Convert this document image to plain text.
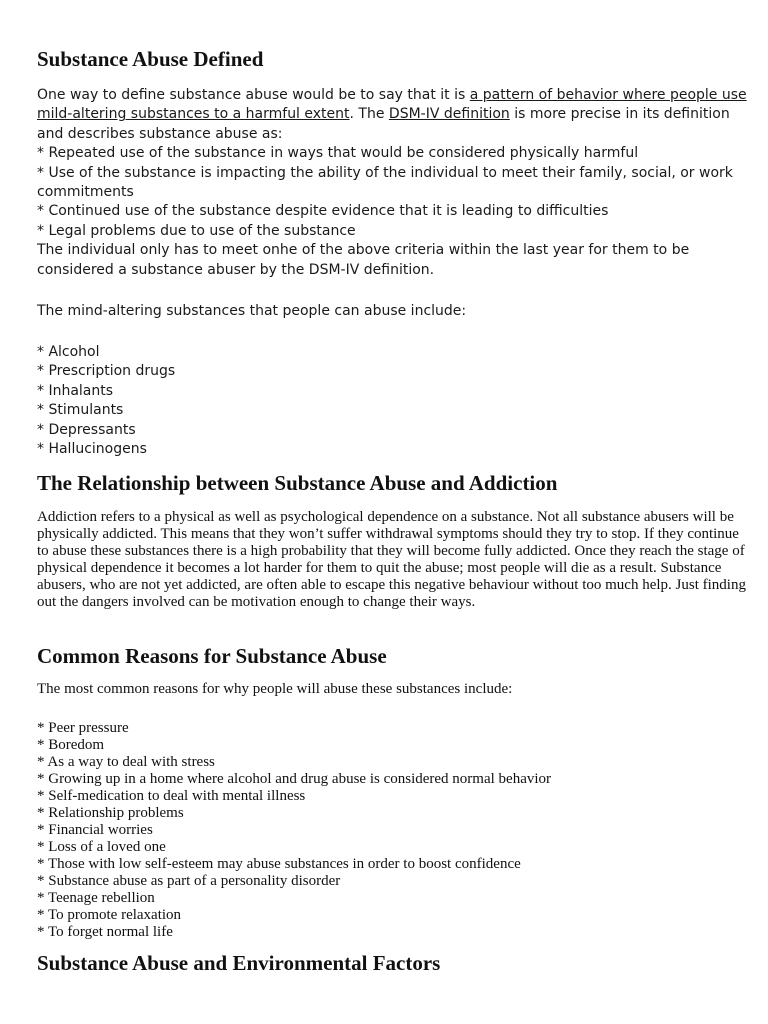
Substance Abuse Defined

One way to define substance abuse would be to say that it is a pattern of behavior where people use mild-altering substances to a harmful extent. The DSM-IV definition is more precise in its definition and describes substance abuse as:

* Repeated use of the substance in ways that would be considered physically harmful
* Use of the substance is impacting the ability of the individual to meet their family, social, or work commitments
* Continued use of the substance despite evidence that it is leading to difficulties
* Legal problems due to use of the substance

The individual only has to meet onhe of the above criteria within the last year for them to be considered a substance abuser by the DSM-IV definition.

The mind-altering substances that people can abuse include:

* Alcohol
* Prescription drugs
* Inhalants
* Stimulants
* Depressants
* Hallucinogens
The Relationship between Substance Abuse and Addiction

Addiction refers to a physical as well as psychological dependence on a substance. Not all substance abusers will be physically addicted. This means that they won’t suffer withdrawal symptoms should they try to stop. If they continue to abuse these substances there is a high probability that they will become fully addicted. Once they reach the stage of physical dependence it becomes a lot harder for them to quit the abuse; most people will die as a result. Substance abusers, who are not yet addicted, are often able to escape this negative behaviour without too much help. Just finding out the dangers involved can be motivation enough to change their ways.

Common Reasons for Substance Abuse

The most common reasons for why people will abuse these substances include:

* Peer pressure
* Boredom
* As a way to deal with stress
* Growing up in a home where alcohol and drug abuse is considered normal behavior
* Self-medication to deal with mental illness
* Relationship problems
* Financial worries
* Loss of a loved one
* Those with low self-esteem may abuse substances in order to boost confidence
* Substance abuse as part of a personality disorder
* Teenage rebellion
* To promote relaxation
* To forget normal life
Substance Abuse and Environmental Factors
